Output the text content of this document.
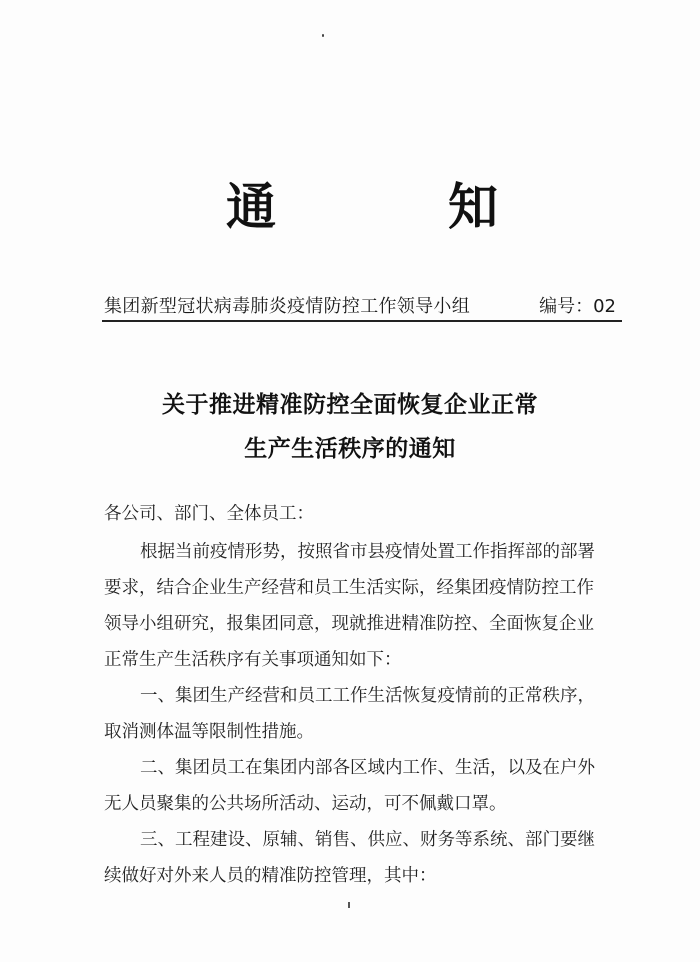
通	知
集团新型冠状病毒肺炎疫情防控工作领导小组	编号：02
关于推进精准防控全面恢复企业正常
生产生活秩序的通知
各公司、部门、全体员工：
根据当前疫情形势，按照省市县疫情处置工作指挥部的部署
要求，结合企业生产经营和员工生活实际，经集团疫情防控工作
领导小组研究，报集团同意，现就推进精准防控、全面恢复企业
正常生产生活秩序有关事项通知如下：
一、集团生产经营和员工工作生活恢复疫情前的正常秩序，
取消测体温等限制性措施。
二、集团员工在集团内部各区域内工作、生活，以及在户外
无人员聚集的公共场所活动、运动，可不佩戴口罩。
三、工程建设、原辅、销售、供应、财务等系统、部门要继
续做好对外来人员的精准防控管理，其中：
